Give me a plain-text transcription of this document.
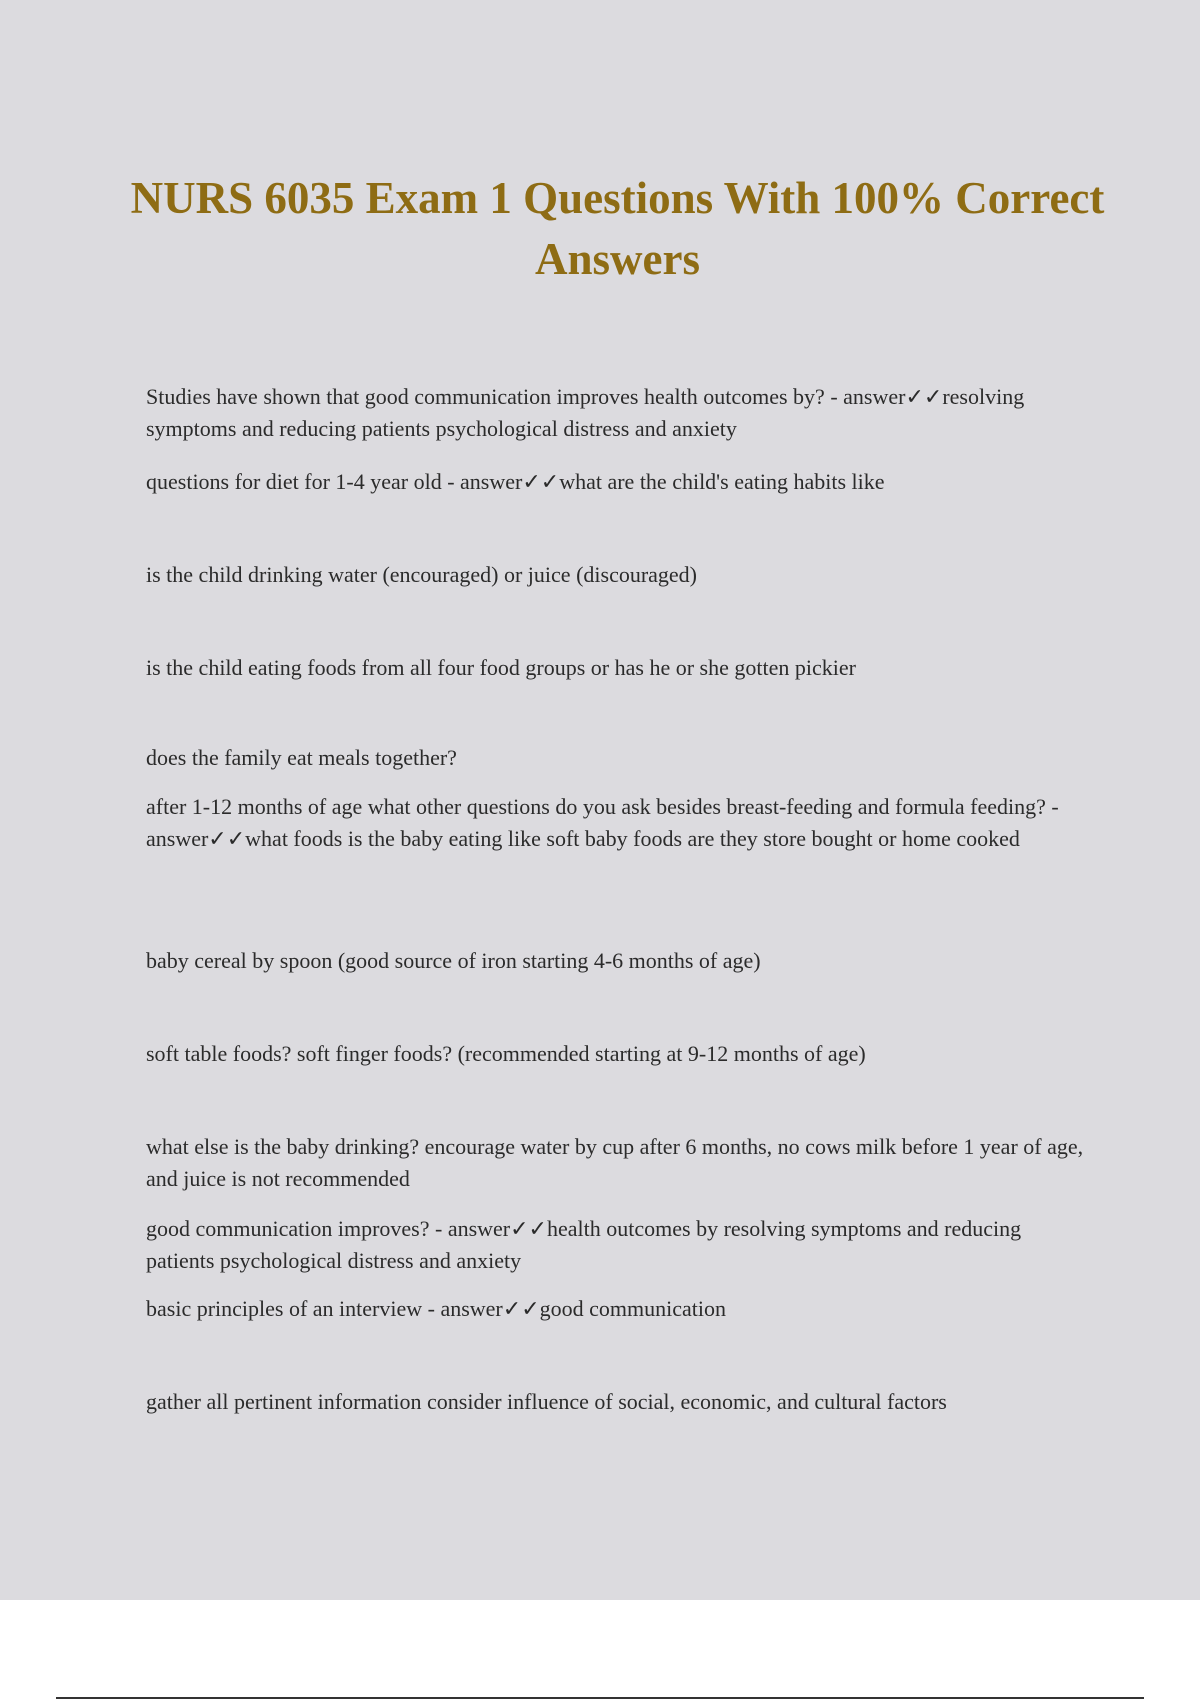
NURS 6035 Exam 1 Questions With 100% Correct Answers

Studies have shown that good communication improves health outcomes by? - answer✓✓resolving symptoms and reducing patients psychological distress and anxiety

questions for diet for 1-4 year old - answer✓✓what are the child's eating habits like

is the child drinking water (encouraged) or juice (discouraged)

is the child eating foods from all four food groups or has he or she gotten pickier

does the family eat meals together?

after 1-12 months of age what other questions do you ask besides breast-feeding and formula feeding? - answer✓✓what foods is the baby eating like soft baby foods are they store bought or home cooked

baby cereal by spoon (good source of iron starting 4-6 months of age)

soft table foods? soft finger foods? (recommended starting at 9-12 months of age)

what else is the baby drinking? encourage water by cup after 6 months, no cows milk before 1 year of age, and juice is not recommended

good communication improves? - answer✓✓health outcomes by resolving symptoms and reducing patients psychological distress and anxiety

basic principles of an interview - answer✓✓good communication

gather all pertinent information consider influence of social, economic, and cultural factors
